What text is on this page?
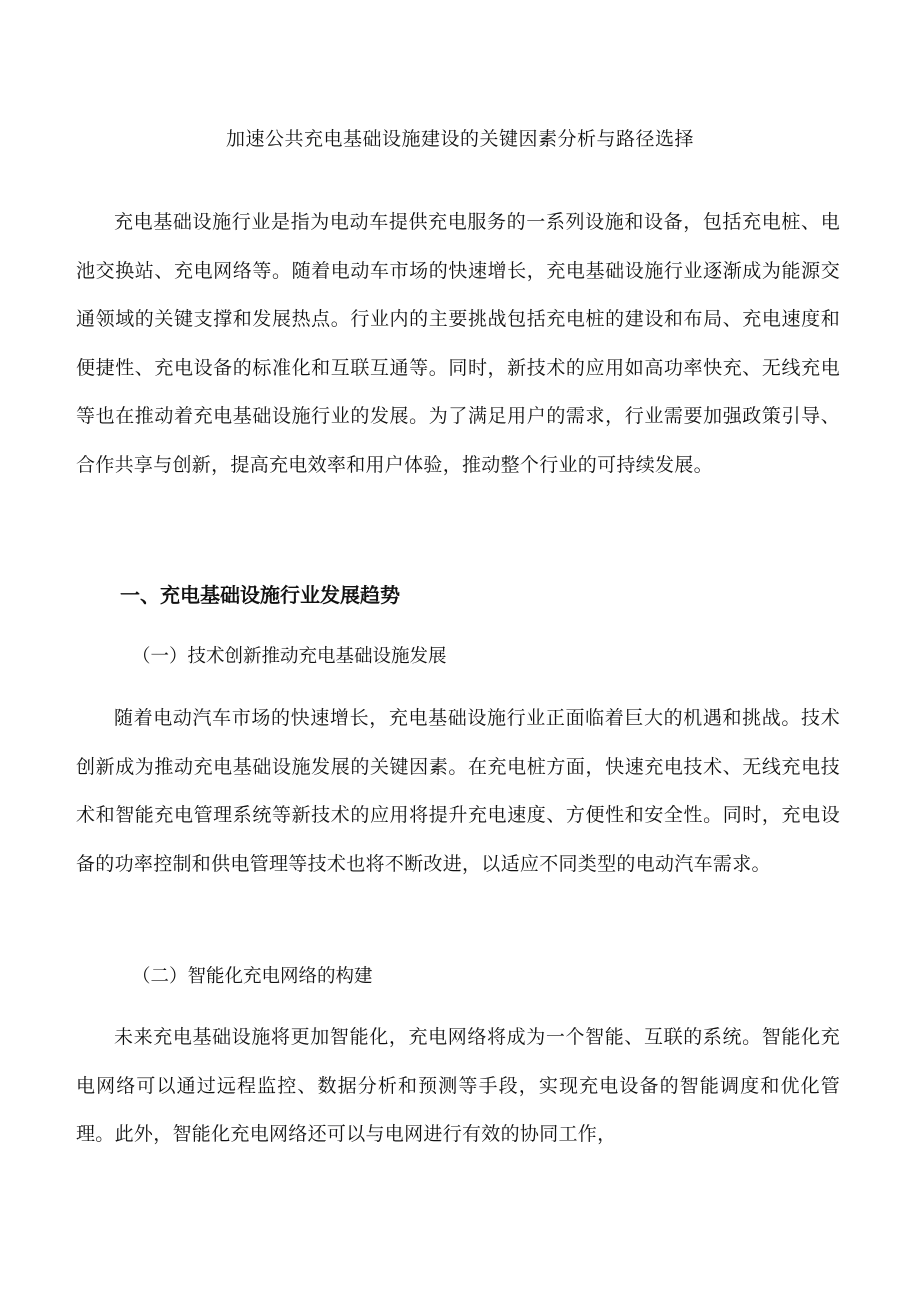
加速公共充电基础设施建设的关键因素分析与路径选择

充电基础设施行业是指为电动车提供充电服务的一系列设施和设备，包括充电桩、电池交换站、充电网络等。随着电动车市场的快速增长，充电基础设施行业逐渐成为能源交通领域的关键支撑和发展热点。行业内的主要挑战包括充电桩的建设和布局、充电速度和便捷性、充电设备的标准化和互联互通等。同时，新技术的应用如高功率快充、无线充电等也在推动着充电基础设施行业的发展。为了满足用户的需求，行业需要加强政策引导、合作共享与创新，提高充电效率和用户体验，推动整个行业的可持续发展。

一、充电基础设施行业发展趋势
（一）技术创新推动充电基础设施发展

随着电动汽车市场的快速增长，充电基础设施行业正面临着巨大的机遇和挑战。技术创新成为推动充电基础设施发展的关键因素。在充电桩方面，快速充电技术、无线充电技术和智能充电管理系统等新技术的应用将提升充电速度、方便性和安全性。同时，充电设备的功率控制和供电管理等技术也将不断改进，以适应不同类型的电动汽车需求。

（二）智能化充电网络的构建

未来充电基础设施将更加智能化，充电网络将成为一个智能、互联的系统。智能化充电网络可以通过远程监控、数据分析和预测等手段，实现充电设备的智能调度和优化管理。此外，智能化充电网络还可以与电网进行有效的协同工作，
